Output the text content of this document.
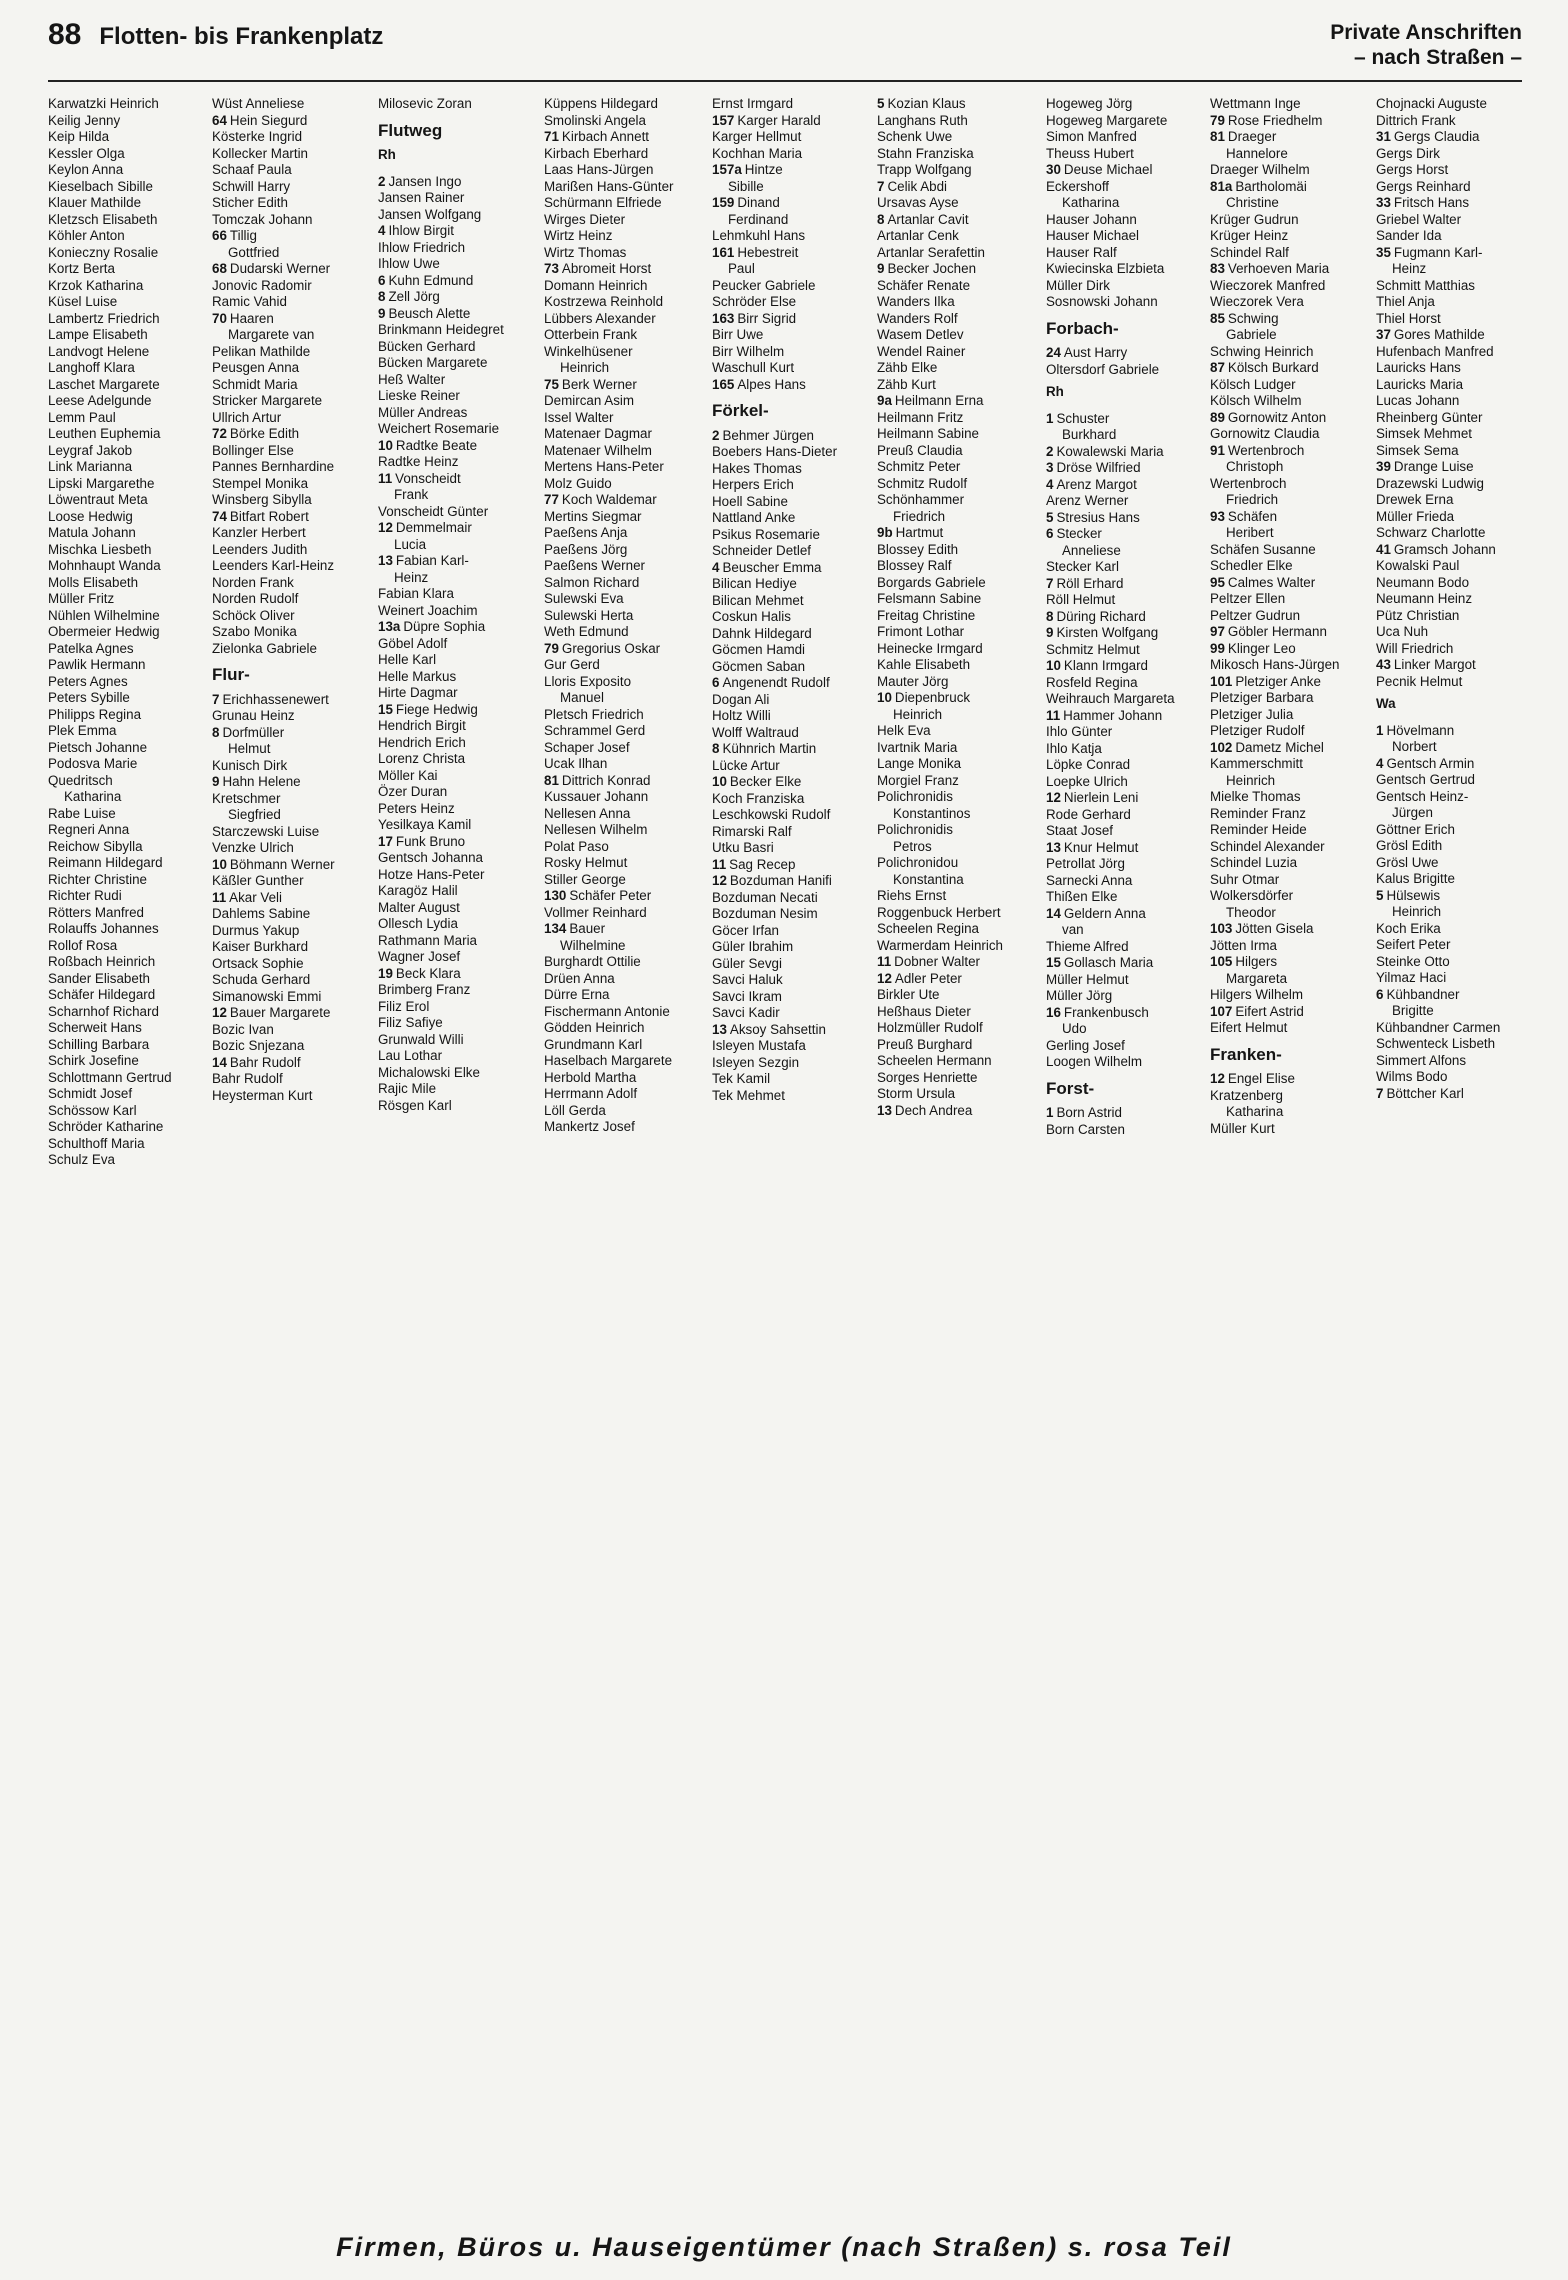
88 Flotten- bis Frankenplatz	Private Anschriften
– nach Straßen –
Karwatzki Heinrich
Keilig Jenny
Keip Hilda
Kessler Olga
Keylon Anna
Kieselbach Sibille
Klauer Mathilde
Kletzsch Elisabeth
Köhler Anton
Konieczny Rosalie
Kortz Berta
Krzok Katharina
Küsel Luise
Lambertz Friedrich
Lampe Elisabeth
Landvogt Helene
Langhoff Klara
Laschet Margarete
Leese Adelgunde
Lemm Paul
Leuthen Euphemia
Leygraf Jakob
Link Marianna
Lipski Margarethe
Löwentraut Meta
Loose Hedwig
Matula Johann
Mischka Liesbeth
Mohnhaupt Wanda
Molls Elisabeth
Müller Fritz
Nühlen Wilhelmine
Obermeier Hedwig
Patelka Agnes
Pawlik Hermann
Peters Agnes
Peters Sybille
Philipps Regina
Plek Emma
Pietsch Johanne
Podosva Marie
Quedritsch
Katharina
Rabe Luise
Regneri Anna
Reichow Sibylla
Reimann Hildegard
Richter Christine
Richter Rudi
Rötters Manfred
Rolauffs Johannes
Rollof Rosa
Roßbach Heinrich
Sander Elisabeth
Schäfer Hildegard
Scharnhof Richard
Scherweit Hans
Schilling Barbara
Schirk Josefine
Schlottmann Gertrud
Schmidt Josef
Schössow Karl
Schröder Katharine
Schulthoff Maria
Schulz Eva
Wüst Anneliese
64 Hein Siegurd
Kösterke Ingrid
Kollecker Martin
Schaaf Paula
Schwill Harry
Sticher Edith
Tomczak Johann
66 Tillig
Gottfried
68 Dudarski Werner
Jonovic Radomir
Ramic Vahid
70 Haaren
Margarete van
Pelikan Mathilde
Peusgen Anna
Schmidt Maria
Stricker Margarete
Ullrich Artur
72 Börke Edith
Bollinger Else
Pannes Bernhardine
Stempel Monika
Winsberg Sibylla
74 Bitfart Robert
Kanzler Herbert
Leenders Judith
Leenders Karl-Heinz
Norden Frank
Norden Rudolf
Schöck Oliver
Szabo Monika
Zielonka Gabriele
Flur-
7 Erichhassenewert
Grunau Heinz
8 Dorfmüller
Helmut
Kunisch Dirk
9 Hahn Helene
Kretschmer
Siegfried
Starczewski Luise
Venzke Ulrich
10 Böhmann Werner
Käßler Gunther
11 Akar Veli
Dahlems Sabine
Durmus Yakup
Kaiser Burkhard
Ortsack Sophie
Schuda Gerhard
Simanowski Emmi
12 Bauer Margarete
Bozic Ivan
Bozic Snjezana
14 Bahr Rudolf
Bahr Rudolf
Heysterman Kurt
Milosevic Zoran
Flutweg
Rh
2 Jansen Ingo
Jansen Rainer
Jansen Wolfgang
4 Ihlow Birgit
Ihlow Friedrich
Ihlow Uwe
6 Kuhn Edmund
8 Zell Jörg
9 Beusch Alette
Brinkmann Heidegret
Bücken Gerhard
Bücken Margarete
Heß Walter
Lieske Reiner
Müller Andreas
Weichert Rosemarie
10 Radtke Beate
Radtke Heinz
11 Vonscheidt
Frank
Vonscheidt Günter
12 Demmelmair
Lucia
13 Fabian Karl-
Heinz
Fabian Klara
Weinert Joachim
13a Düpre Sophia
Göbel Adolf
Helle Karl
Helle Markus
Hirte Dagmar
15 Fiege Hedwig
Hendrich Birgit
Hendrich Erich
Lorenz Christa
Möller Kai
Özer Duran
Peters Heinz
Yesilkaya Kamil
17 Funk Bruno
Gentsch Johanna
Hotze Hans-Peter
Karagöz Halil
Malter August
Ollesch Lydia
Rathmann Maria
Wagner Josef
19 Beck Klara
Brimberg Franz
Filiz Erol
Filiz Safiye
Grunwald Willi
Lau Lothar
Michalowski Elke
Rajic Mile
Rösgen Karl
Küppens Hildegard
Smolinski Angela
71 Kirbach Annett
Kirbach Eberhard
Laas Hans-Jürgen
Marißen Hans-Günter
Schürmann Elfriede
Wirges Dieter
Wirtz Heinz
Wirtz Thomas
73 Abromeit Horst
Domann Heinrich
Kostrzewa Reinhold
Lübbers Alexander
Otterbein Frank
Winkelhüsener
Heinrich
75 Berk Werner
Demircan Asim
Issel Walter
Matenaer Dagmar
Matenaer Wilhelm
Mertens Hans-Peter
Molz Guido
77 Koch Waldemar
Mertins Siegmar
Paeßens Anja
Paeßens Jörg
Paeßens Werner
Salmon Richard
Sulewski Eva
Sulewski Herta
Weth Edmund
79 Gregorius Oskar
Gur Gerd
Lloris Exposito
Manuel
Pletsch Friedrich
Schrammel Gerd
Schaper Josef
Ucak Ilhan
81 Dittrich Konrad
Kussauer Johann
Nellesen Anna
Nellesen Wilhelm
Polat Paso
Rosky Helmut
Stiller George
130 Schäfer Peter
Vollmer Reinhard
134 Bauer
Wilhelmine
Burghardt Ottilie
Drüen Anna
Dürre Erna
Fischermann Antonie
Gödden Heinrich
Grundmann Karl
Haselbach Margarete
Herbold Martha
Herrmann Adolf
Löll Gerda
Mankertz Josef
Ernst Irmgard
157 Karger Harald
Karger Hellmut
Kochhan Maria
157a Hintze
Sibille
159 Dinand
Ferdinand
Lehmkuhl Hans
161 Hebestreit
Paul
Peucker Gabriele
Schröder Else
163 Birr Sigrid
Birr Uwe
Birr Wilhelm
Waschull Kurt
165 Alpes Hans
Förkel-
2 Behmer Jürgen
Boebers Hans-Dieter
Hakes Thomas
Herpers Erich
Hoell Sabine
Nattland Anke
Psikus Rosemarie
Schneider Detlef
4 Beuscher Emma
Bilican Hediye
Bilican Mehmet
Coskun Halis
Dahnk Hildegard
Göcmen Hamdi
Göcmen Saban
6 Angenendt Rudolf
Dogan Ali
Holtz Willi
Wolff Waltraud
8 Kühnrich Martin
Lücke Artur
10 Becker Elke
Koch Franziska
Leschkowski Rudolf
Rimarski Ralf
Utku Basri
11 Sag Recep
12 Bozduman Hanifi
Bozduman Necati
Bozduman Nesim
Göcer Irfan
Güler Ibrahim
Güler Sevgi
Savci Haluk
Savci Ikram
Savci Kadir
13 Aksoy Sahsettin
Isleyen Mustafa
Isleyen Sezgin
Tek Kamil
Tek Mehmet
5 Kozian Klaus
Langhans Ruth
Schenk Uwe
Stahn Franziska
Trapp Wolfgang
7 Celik Abdi
Ursavas Ayse
8 Artanlar Cavit
Artanlar Cenk
Artanlar Serafettin
9 Becker Jochen
Schäfer Renate
Wanders Ilka
Wanders Rolf
Wasem Detlev
Wendel Rainer
Zähb Elke
Zähb Kurt
9a Heilmann Erna
Heilmann Fritz
Heilmann Sabine
Preuß Claudia
Schmitz Peter
Schmitz Rudolf
Schönhammer
Friedrich
9b Hartmut
Blossey Edith
Blossey Ralf
Borgards Gabriele
Felsmann Sabine
Freitag Christine
Frimont Lothar
Heinecke Irmgard
Kahle Elisabeth
Mauter Jörg
10 Diepenbruck
Heinrich
Helk Eva
Ivartnik Maria
Lange Monika
Morgiel Franz
Polichronidis
Konstantinos
Polichronidis
Petros
Polichronidou
Konstantina
Riehs Ernst
Roggenbuck Herbert
Scheelen Regina
Warmerdam Heinrich
11 Dobner Walter
12 Adler Peter
Birkler Ute
Heßhaus Dieter
Holzmüller Rudolf
Preuß Burghard
Scheelen Hermann
Sorges Henriette
Storm Ursula
13 Dech Andrea
Hogeweg Jörg
Hogeweg Margarete
Simon Manfred
Theuss Hubert
30 Deuse Michael
Eckershoff
Katharina
Hauser Johann
Hauser Michael
Hauser Ralf
Kwiecinska Elzbieta
Müller Dirk
Sosnowski Johann
Forbach-
24 Aust Harry
Oltersdorf Gabriele
Rh
1 Schuster
Burkhard
2 Kowalewski Maria
3 Dröse Wilfried
4 Arenz Margot
Arenz Werner
5 Stresius Hans
6 Stecker
Anneliese
Stecker Karl
7 Röll Erhard
Röll Helmut
8 Düring Richard
9 Kirsten Wolfgang
Schmitz Helmut
10 Klann Irmgard
Rosfeld Regina
Weihrauch Margareta
11 Hammer Johann
Ihlo Günter
Ihlo Katja
Löpke Conrad
Loepke Ulrich
12 Nierlein Leni
Rode Gerhard
Staat Josef
13 Knur Helmut
Petrollat Jörg
Sarnecki Anna
Thißen Elke
14 Geldern Anna
van
Thieme Alfred
15 Gollasch Maria
Müller Helmut
Müller Jörg
16 Frankenbusch
Udo
Gerling Josef
Loogen Wilhelm
Forst-
1 Born Astrid
Born Carsten
Wettmann Inge
79 Rose Friedhelm
81 Draeger
Hannelore
Draeger Wilhelm
81a Bartholomäi
Christine
Krüger Gudrun
Krüger Heinz
Schindel Ralf
83 Verhoeven Maria
Wieczorek Manfred
Wieczorek Vera
85 Schwing
Gabriele
Schwing Heinrich
87 Kölsch Burkard
Kölsch Ludger
Kölsch Wilhelm
89 Gornowitz Anton
Gornowitz Claudia
91 Wertenbroch
Christoph
Wertenbroch
Friedrich
93 Schäfen
Heribert
Schäfen Susanne
Schedler Elke
95 Calmes Walter
Peltzer Ellen
Peltzer Gudrun
97 Göbler Hermann
99 Klinger Leo
Mikosch Hans-Jürgen
101 Pletziger Anke
Pletziger Barbara
Pletziger Julia
Pletziger Rudolf
102 Dametz Michel
Kammerschmitt
Heinrich
Mielke Thomas
Reminder Franz
Reminder Heide
Schindel Alexander
Schindel Luzia
Suhr Otmar
Wolkersdörfer
Theodor
103 Jötten Gisela
Jötten Irma
105 Hilgers
Margareta
Hilgers Wilhelm
107 Eifert Astrid
Eifert Helmut
Franken-
12 Engel Elise
Kratzenberg
Katharina
Müller Kurt
Chojnacki Auguste
Dittrich Frank
31 Gergs Claudia
Gergs Dirk
Gergs Horst
Gergs Reinhard
33 Fritsch Hans
Griebel Walter
Sander Ida
35 Fugmann Karl-
Heinz
Schmitt Matthias
Thiel Anja
Thiel Horst
37 Gores Mathilde
Hufenbach Manfred
Lauricks Hans
Lauricks Maria
Lucas Johann
Rheinberg Günter
Simsek Mehmet
Simsek Sema
39 Drange Luise
Drazewski Ludwig
Drewek Erna
Müller Frieda
Schwarz Charlotte
41 Gramsch Johann
Kowalski Paul
Neumann Bodo
Neumann Heinz
Pütz Christian
Uca Nuh
Will Friedrich
43 Linker Margot
Pecnik Helmut
Wa
1 Hövelmann
Norbert
4 Gentsch Armin
Gentsch Gertrud
Gentsch Heinz-
Jürgen
Göttner Erich
Grösl Edith
Grösl Uwe
Kalus Brigitte
5 Hülsewis
Heinrich
Koch Erika
Seifert Peter
Steinke Otto
Yilmaz Haci
6 Kühbandner
Brigitte
Kühbandner Carmen
Schwenteck Lisbeth
Simmert Alfons
Wilms Bodo
7 Böttcher Karl
Firmen, Büros u. Hauseigentümer (nach Straßen) s. rosa Teil
